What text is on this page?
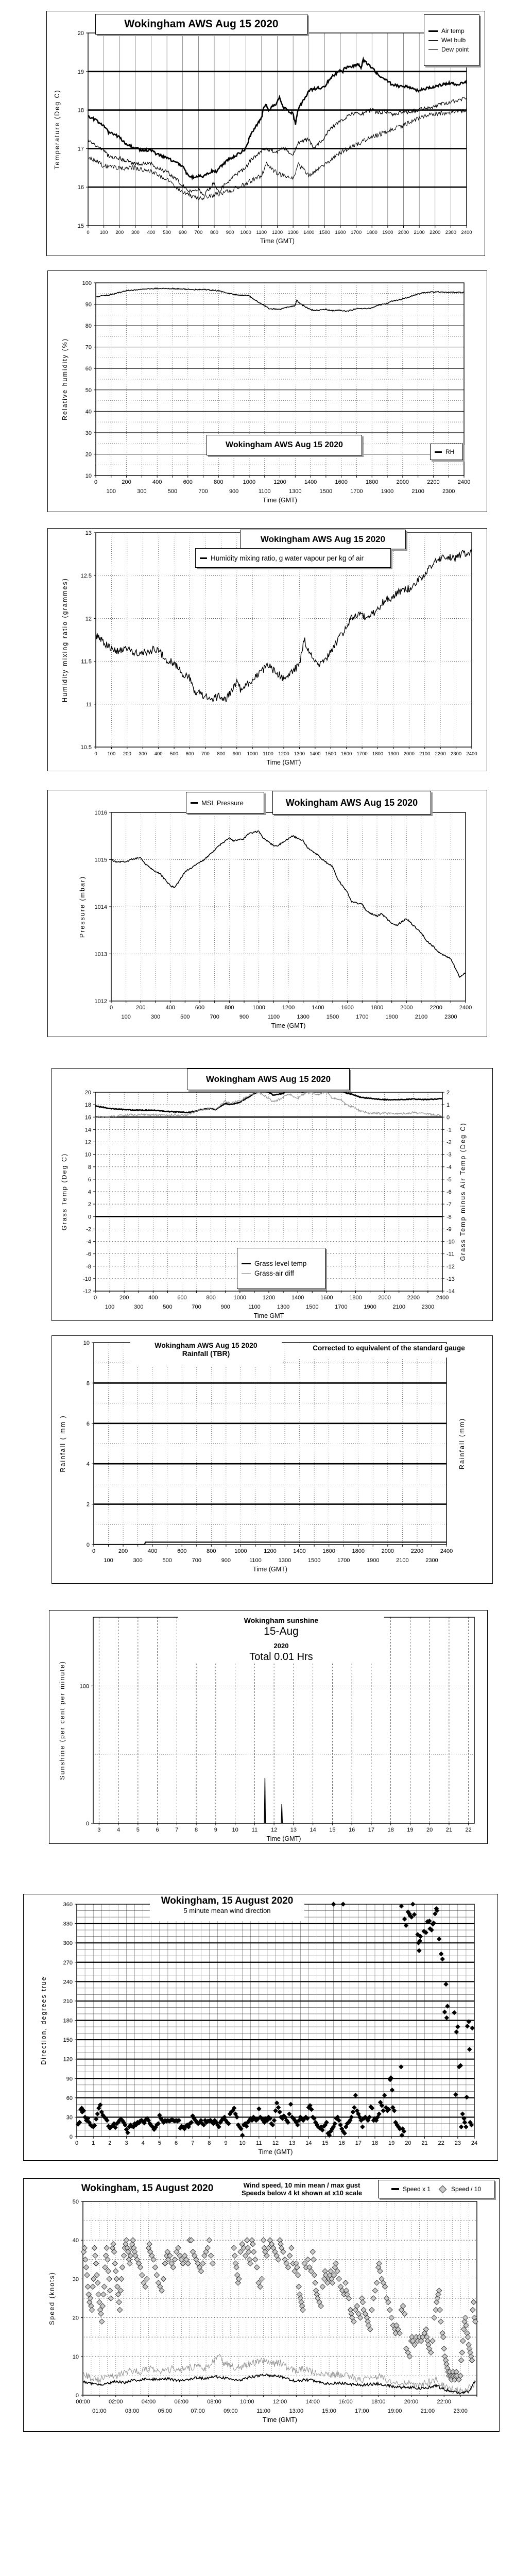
15
16
17
18
19
20
0 100 200 300 400 500 600 700 800 900 1000 1100 1200 1300 1400 1500 1600 1700 1800 1900 2000 2100 2200 2300 2400
Time (GMT)
Temperature (Deg C)
Wokingham AWS Aug 15 2020
Air temp
Wet bulb
Dew point
10
20
30
40
50
60
70
80
90
100
0
100
200
300
400
500
600
700
800
900
1000
1100
1200
1300
1400
1500
1600
1700
1800
1900
2000
2100
2200
2300
2400
Time (GMT)
Relative humidity (%)
Wokingham AWS Aug 15 2020
RH
10.5
11
11.5
12
12.5
13
0 100 200 300 400 500 600 700 800 900 1000 1100 1200 1300 1400 1500 1600 1700 1800 1900 2000 2100 2200 2300 2400
Time (GMT)
Humidity mixing ratio (grammes)
Wokingham AWS Aug 15 2020
Humidity mixing ratio, g water vapour per kg of air
1012
1013
1014
1015
1016
0
100
200
300
400
500
600
700
800
900
1000
1100
1200
1300
1400
1500
1600
1700
1800
1900
2000
2100
2200
2300
2400
Time (GMT)
Pressure (mbar)
MSL Pressure	Wokingham AWS Aug 15 2020
-12
-10
-8
-6
-4
-2
0
2
4
6
8
10
12
14
16
18
20
-14
-13
-12
-11
-10
-9
-8
-7
-6
-5
-4
-3
-2
-1
0
1
2
0
100
200
300
400
500
600
700
800
900
1000
1100
1200
1300
1400
1500
1600
1700
1800
1900
2000
2100
2200
2300
2400
Time GMT
Grass Temp (Deg C)	Grass Temp minus Air Temp (Deg C)
Wokingham AWS Aug 15 2020
Grass level temp
Grass-air diff
0
2
4
6
8
10
0
100
200
300
400
500
600
700
800
900
1000
1100
1200
1300
1400
1500
1600
1700
1800
1900
2000
2100
2200
2300
2400
Time (GMT)
Rainfall ( mm )	Rainfall (mm)
Wokingham AWS Aug 15 2020
Rainfall (TBR)
Corrected to equivalent of the standard gauge
0
100
3	4	5	6	7	8	9	10 11 12 13 14 15 16 17 18 19 20 21 22
Time (GMT)
Sunshine (per cent per minute)
Wokingham sunshine
15-Aug
2020
Total 0.01 Hrs
0
30
60
90
120
150
180
210
240
270
300
330
360
0 1 2 3 4 5 6 7 8 9 10 11 12 13 14 15 16 17 18 19 20 21 22 23 24
Time (GMT)
Direction, degrees true
Wokingham, 15 August 2020
5 minute mean wind direction
0
10
20
30
40
50
00:00
01:00
02:00
03:00
04:00
05:00
06:00
07:00
08:00
09:00
10:00
11:00
12:00
13:00
14:00
15:00
16:00
17:00
18:00
19:00
20:00
21:00
22:00
23:00
Time (GMT)
Speed (knots)
Wokingham, 15 August 2020	Wind speed, 10 min mean / max gust
Speeds below 4 kt shown at x10 scale	Speed x 1	Speed / 10
